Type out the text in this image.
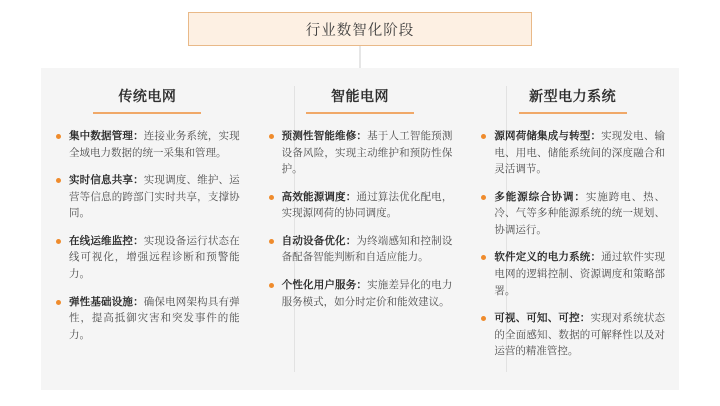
行业数智化阶段
传统电网
集中数据管理：连接业务系统，实现全域电力数据的统一采集和管理。
实时信息共享：实现调度、维护、运营等信息的跨部门实时共享，支撑协同。
在线运维监控：实现设备运行状态在线可视化，增强远程诊断和预警能力。
弹性基础设施：确保电网架构具有弹性，提高抵御灾害和突发事件的能力。
智能电网
预测性智能维修：基于人工智能预测设备风险，实现主动维护和预防性保护。
高效能源调度：通过算法优化配电，实现源网荷的协同调度。
自动设备优化：为终端感知和控制设备配备智能判断和自适应能力。
个性化用户服务：实施差异化的电力服务模式，如分时定价和能效建议。
新型电力系统
源网荷储集成与转型：实现发电、输电、用电、储能系统间的深度融合和灵活调节。
多能源综合协调：实施跨电、热、冷、气等多种能源系统的统一规划、协调运行。
软件定义的电力系统：通过软件实现电网的逻辑控制、资源调度和策略部署。
可视、可知、可控：实现对系统状态的全面感知、数据的可解释性以及对运营的精准管控。
